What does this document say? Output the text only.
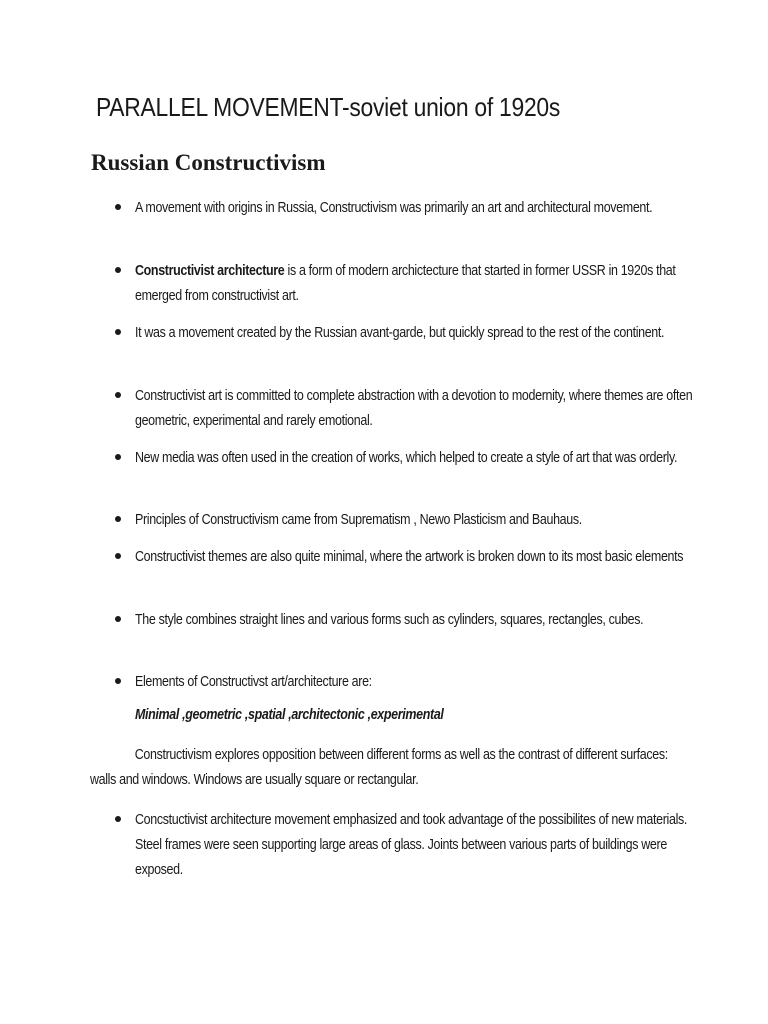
PARALLEL MOVEMENT-soviet union of 1920s
Russian Constructivism
A movement with origins in Russia, Constructivism was primarily an art and architectural movement.
Constructivist architecture is a form of modern archictecture that started in former USSR in 1920s that emerged from constructivist art.
It was a movement created by the Russian avant-garde, but quickly spread to the rest of the continent.
Constructivist art is committed to complete abstraction with a devotion to modernity, where themes are often geometric, experimental and rarely emotional.
New media was often used in the creation of works, which helped to create a style of art that was orderly.
Principles of Constructivism came from Suprematism , Newo Plasticism and Bauhaus.
Constructivist themes are also quite minimal, where the artwork is broken down to its most basic elements
The style combines straight lines and various forms such as cylinders, squares, rectangles, cubes.
Elements of Constructivst art/architecture are:
Minimal ,geometric ,spatial ,architectonic ,experimental
Constructivism explores opposition between different forms as well as the contrast of different surfaces: walls and windows. Windows are usually square or rectangular.
Concstuctivist architecture movement emphasized and took advantage of the possibilites of new materials. Steel frames were seen supporting large areas of glass. Joints between various parts of buildings were exposed.
